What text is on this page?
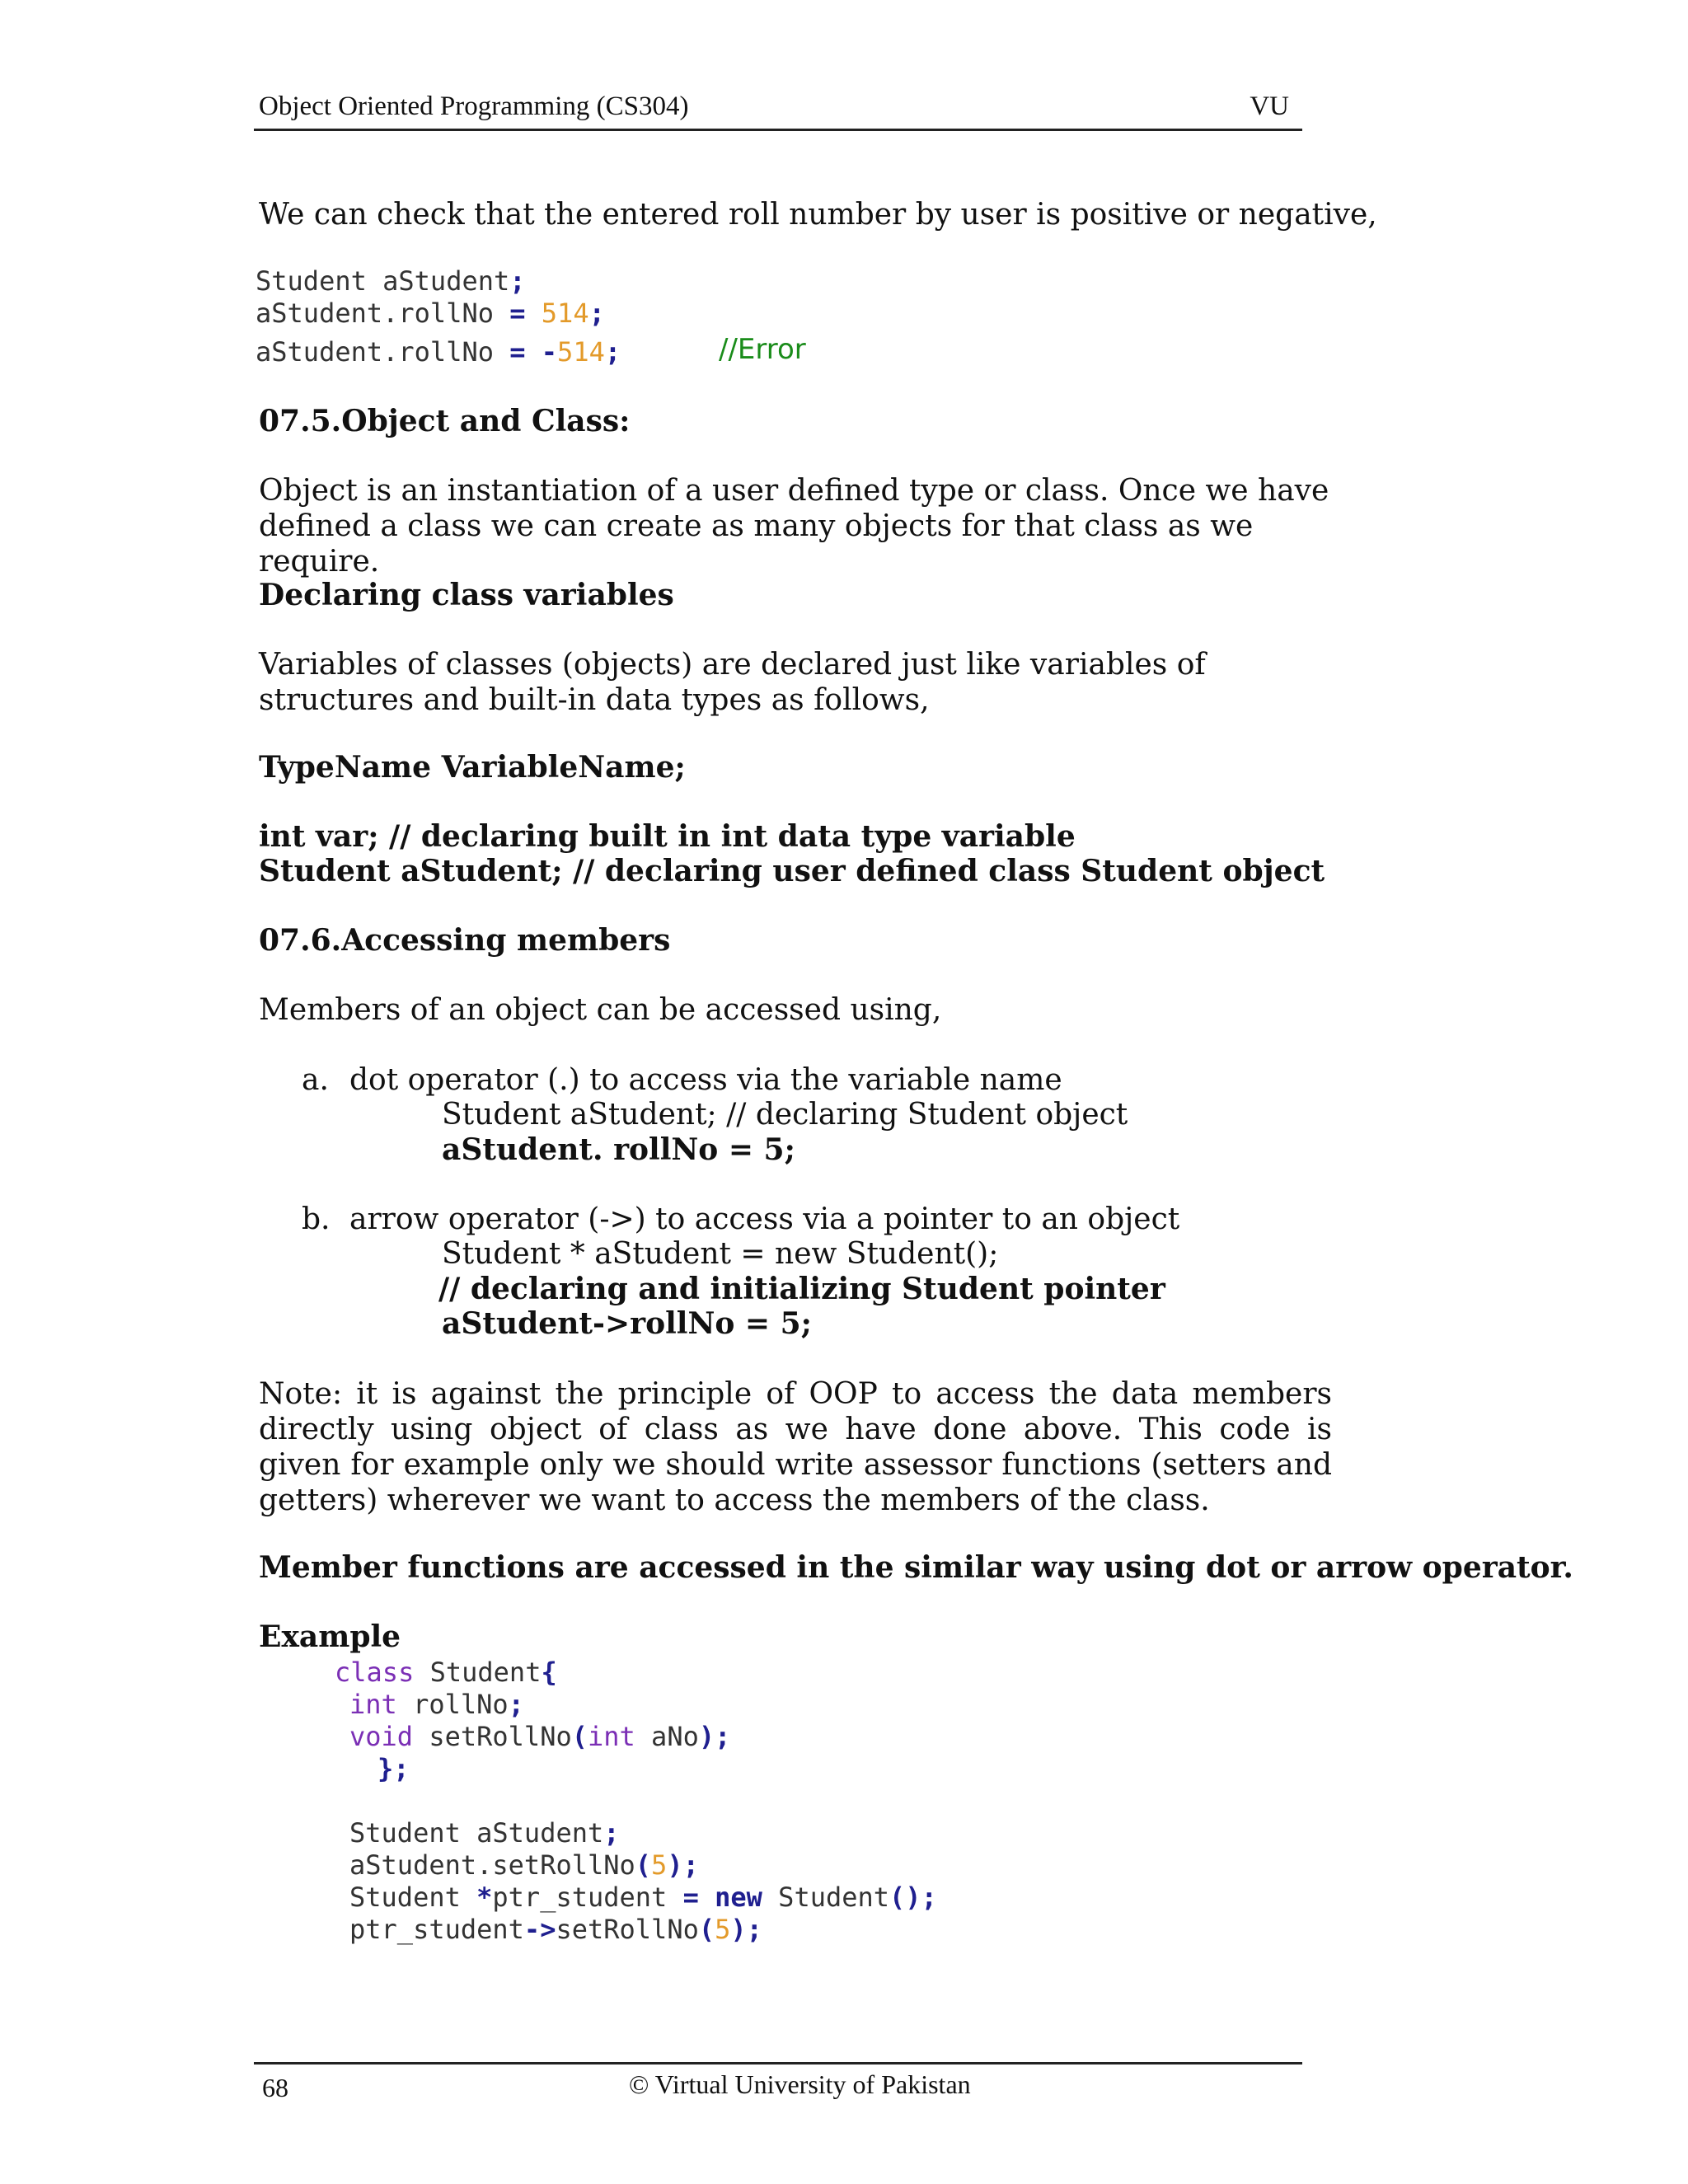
Object Oriented Programming (CS304)	VU
We can check that the entered roll number by user is positive or negative,
Student aStudent;
aStudent.rollNo = 514;
aStudent.rollNo = -514;	//Error
07.5.Object and Class:
Object is an instantiation of a user defined type or class. Once we have defined a class we can create as many objects for that class as we require.
Declaring class variables
Variables of classes (objects) are declared just like variables of structures and built-in data types as follows,
TypeName VariableName;
int var; // declaring built in int data type variable
Student aStudent; // declaring user defined class Student object
07.6.Accessing members
Members of an object can be accessed using,
a. dot operator (.) to access via the variable name
Student aStudent; // declaring Student object
aStudent. rollNo = 5;
b. arrow operator (->) to access via a pointer to an object
Student * aStudent = new Student();
// declaring and initializing Student pointer
aStudent->rollNo = 5;
Note: it is against the principle of OOP to access the data members directly using object of class as we have done above. This code is given for example only we should write assessor functions (setters and getters) wherever we want to access the members of the class.
Member functions are accessed in the similar way using dot or arrow operator.
Example
class Student{
int rollNo;
void setRollNo(int aNo);
};
Student aStudent;
aStudent.setRollNo(5);
Student *ptr_student = new Student();
ptr_student->setRollNo(5);
68	© Virtual University of Pakistan
